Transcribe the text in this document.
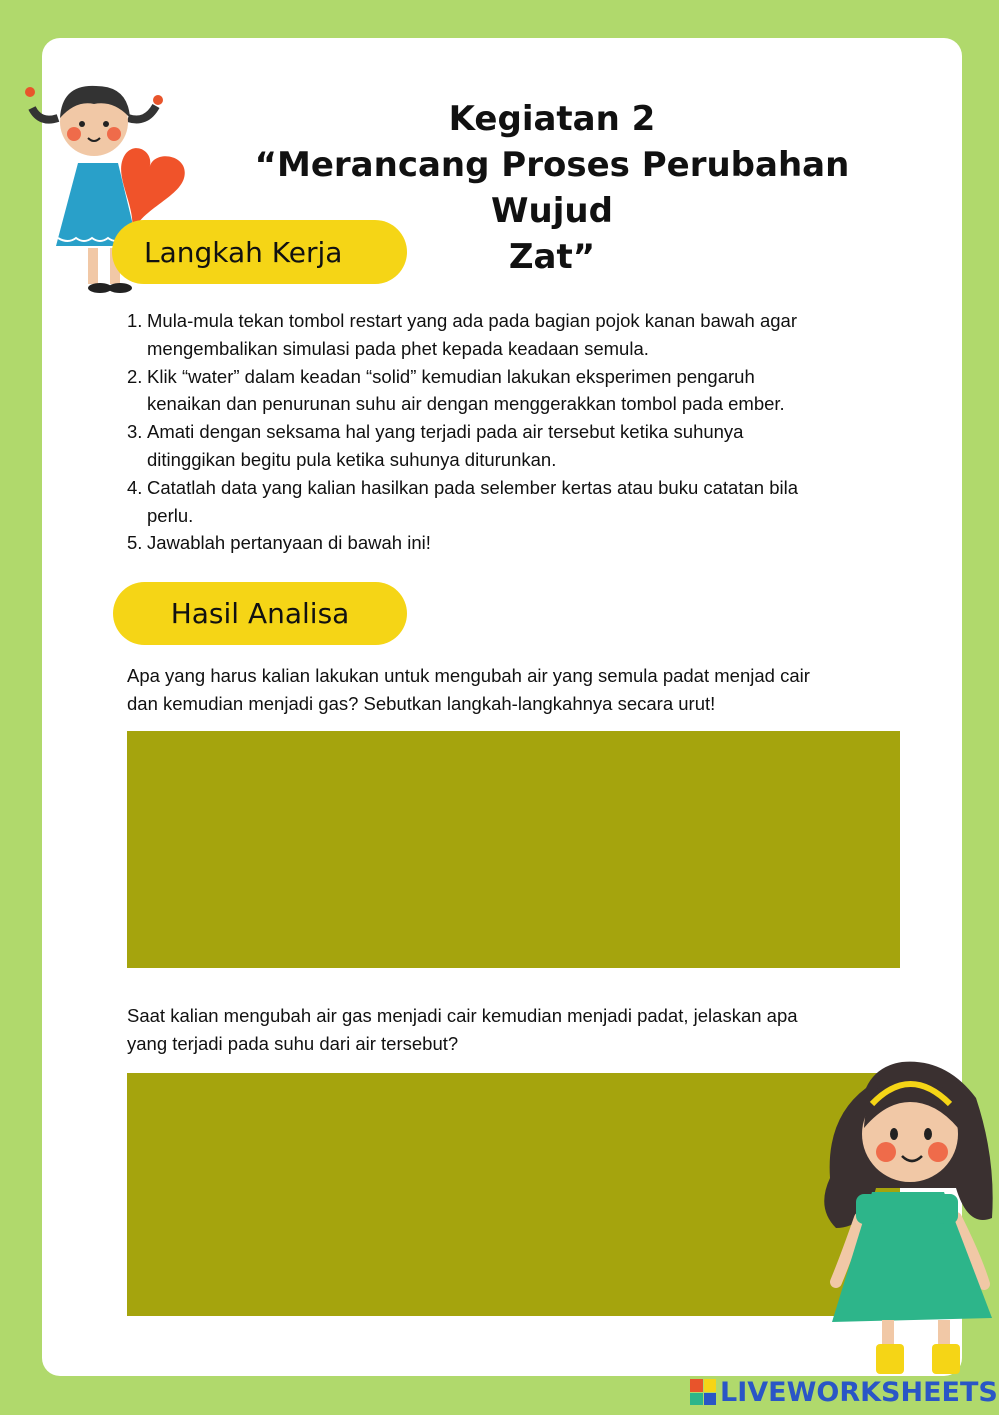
Kegiatan 2
“Merancang Proses Perubahan Wujud
Zat”
Langkah Kerja
1. Mula-mula tekan tombol restart yang ada pada bagian pojok kanan bawah agar
mengembalikan simulasi pada phet kepada keadaan semula.
2. Klik “water” dalam keadan “solid” kemudian lakukan eksperimen pengaruh
kenaikan dan penurunan suhu air dengan menggerakkan tombol pada ember.
3. Amati dengan seksama hal yang terjadi pada air tersebut ketika suhunya
ditinggikan begitu pula ketika suhunya diturunkan.
4. Catatlah data yang kalian hasilkan pada selember kertas atau buku catatan bila
perlu.
5. Jawablah pertanyaan di bawah ini!
Hasil Analisa
Apa yang harus kalian lakukan untuk mengubah air yang semula padat menjad cair
dan kemudian menjadi gas? Sebutkan langkah-langkahnya secara urut!
Saat kalian mengubah air gas menjadi cair kemudian menjadi padat, jelaskan apa
yang terjadi pada suhu dari air tersebut?
LIVEWORKSHEETS
